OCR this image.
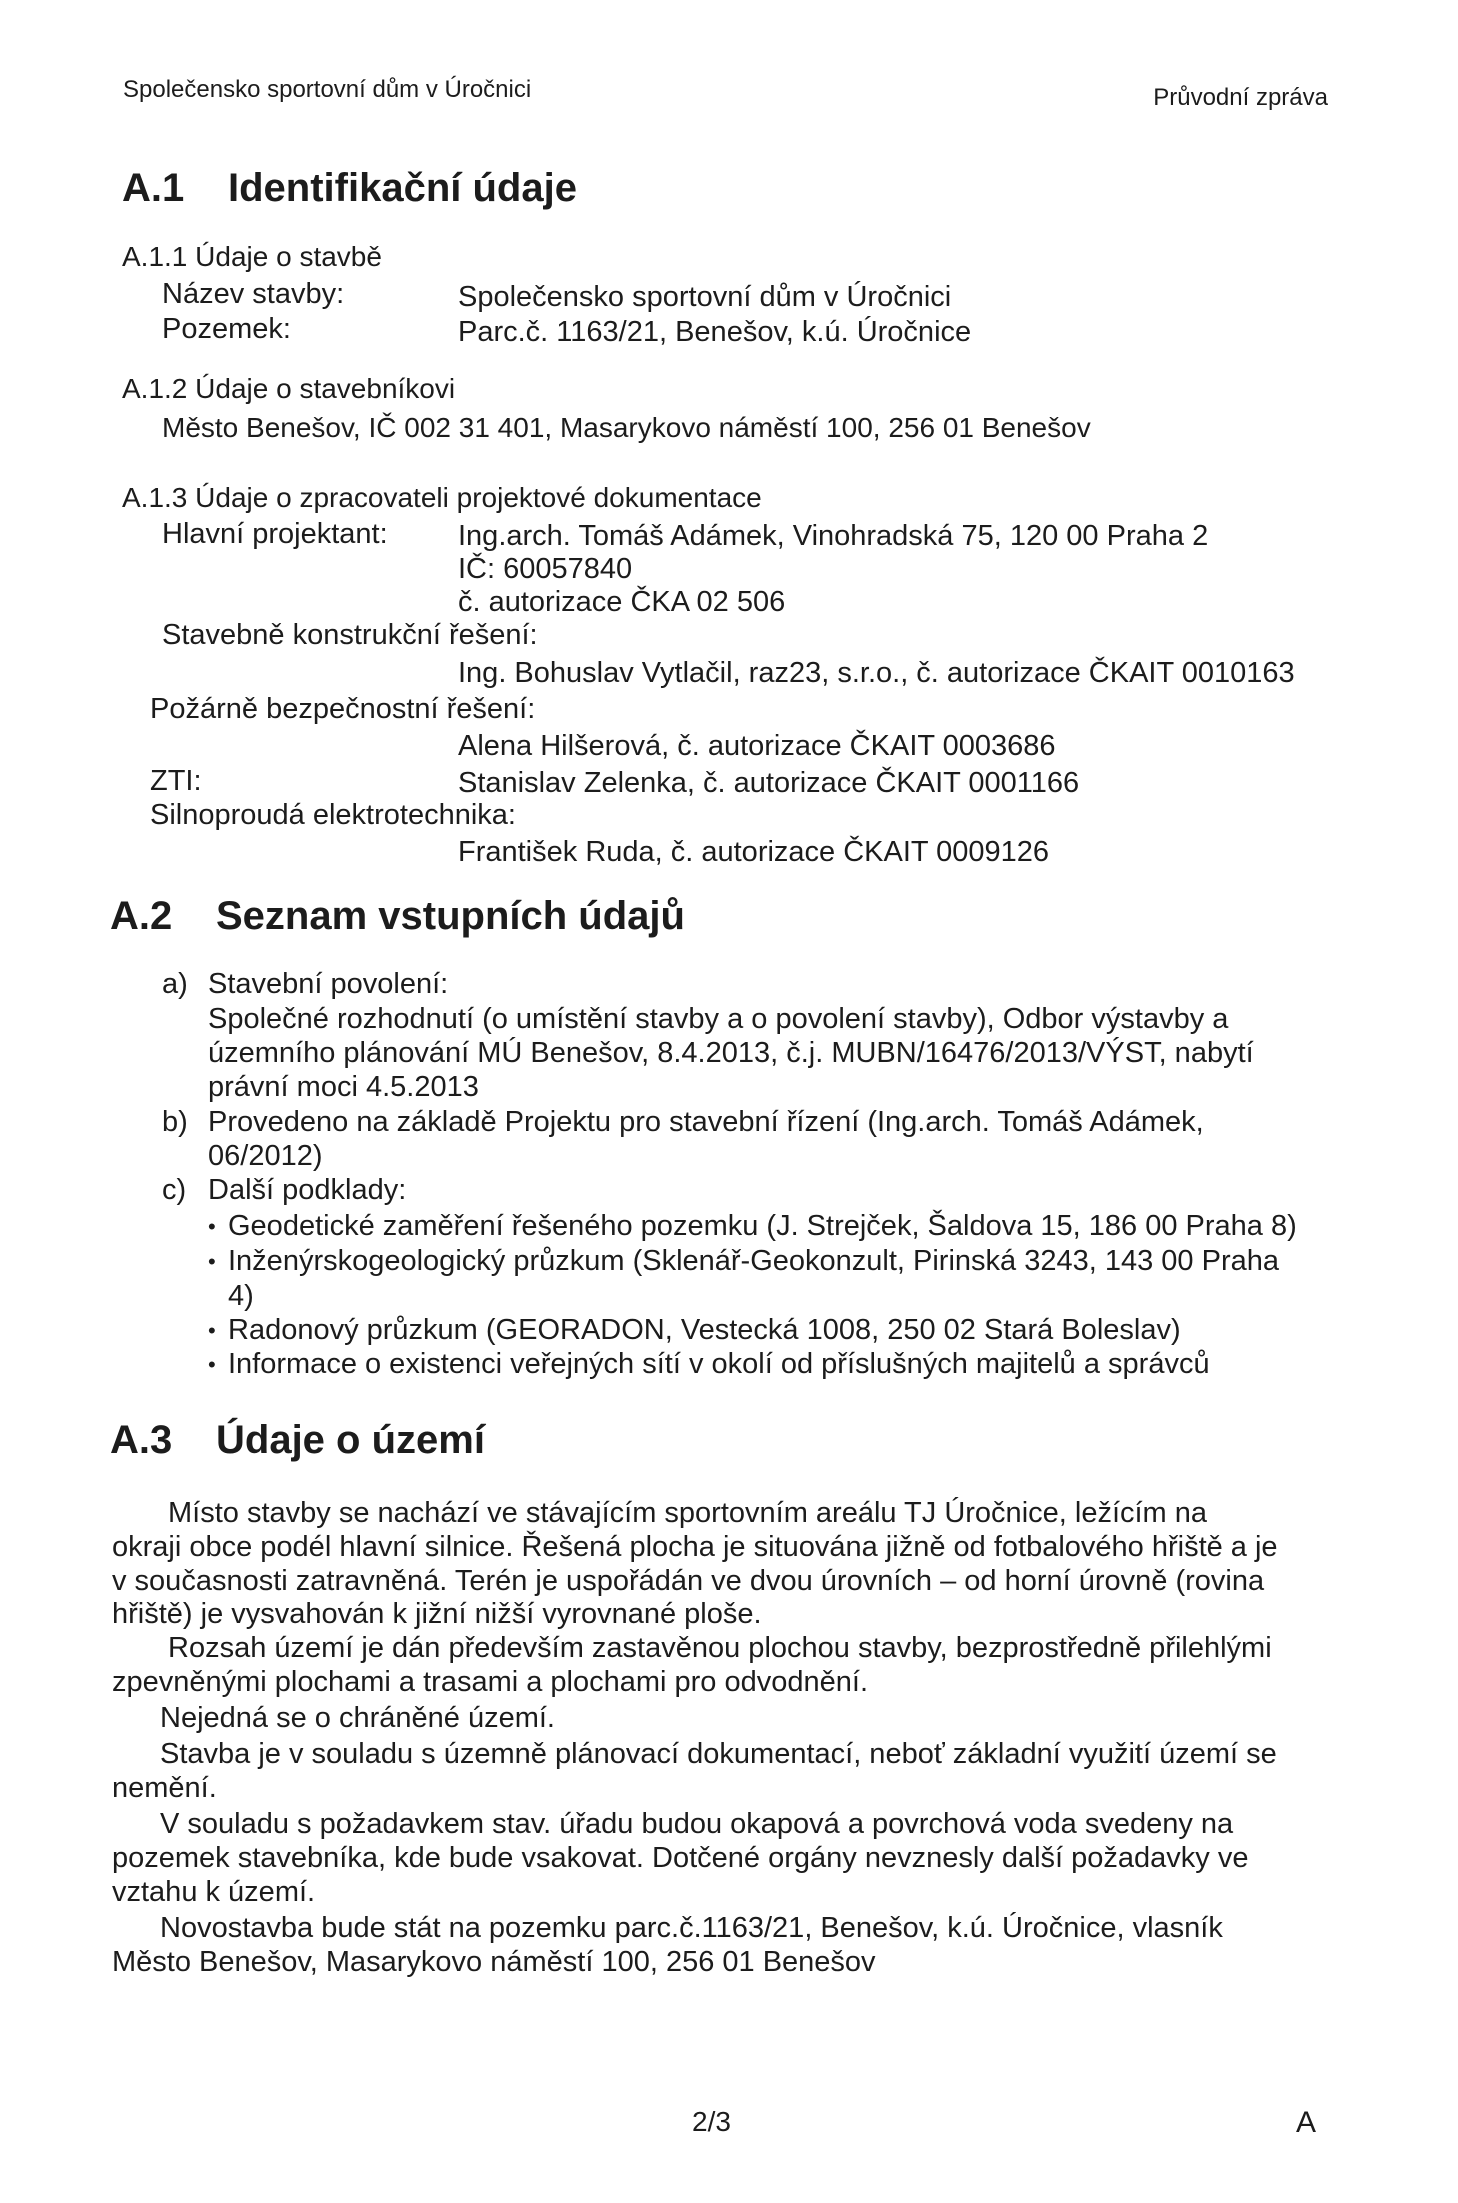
Společensko sportovní dům v Úročnici	Průvodní zpráva
A.1 Identifikační údaje
A.1.1 Údaje o stavbě
Název stavby:	Společensko sportovní dům v Úročnici
Pozemek:	Parc.č. 1163/21, Benešov, k.ú. Úročnice
A.1.2 Údaje o stavebníkovi
Město Benešov, IČ 002 31 401, Masarykovo náměstí 100, 256 01 Benešov
A.1.3 Údaje o zpracovateli projektové dokumentace
Hlavní projektant: Ing.arch. Tomáš Adámek, Vinohradská 75, 120 00 Praha 2
IČ: 60057840
č. autorizace ČKA 02 506
Stavebně konstrukční řešení:
Ing. Bohuslav Vytlačil, raz23, s.r.o., č. autorizace ČKAIT 0010163
Požárně bezpečnostní řešení:
Alena Hilšerová, č. autorizace ČKAIT 0003686
ZTI:	Stanislav Zelenka, č. autorizace ČKAIT 0001166
Silnoproudá elektrotechnika:
František Ruda, č. autorizace ČKAIT 0009126
A.2 Seznam vstupních údajů
a) Stavební povolení:
Společné rozhodnutí (o umístění stavby a o povolení stavby), Odbor výstavby a
územního plánování MÚ Benešov, 8.4.2013, č.j. MUBN/16476/2013/VÝST, nabytí
právní moci 4.5.2013
b) Provedeno na základě Projektu pro stavební řízení (Ing.arch. Tomáš Adámek,
06/2012)
c) Další podklady:
• Geodetické zaměření řešeného pozemku (J. Strejček, Šaldova 15, 186 00 Praha 8)
• Inženýrskogeologický průzkum (Sklenář-Geokonzult, Pirinská 3243, 143 00 Praha
4)
• Radonový průzkum (GEORADON, Vestecká 1008, 250 02 Stará Boleslav)
• Informace o existenci veřejných sítí v okolí od příslušných majitelů a správců
A.3 Údaje o území
Místo stavby se nachází ve stávajícím sportovním areálu TJ Úročnice, ležícím na
okraji obce podél hlavní silnice. Řešená plocha je situována jižně od fotbalového hřiště a je
v současnosti zatravněná. Terén je uspořádán ve dvou úrovních – od horní úrovně (rovina
hřiště) je vysvahován k jižní nižší vyrovnané ploše.
Rozsah území je dán především zastavěnou plochou stavby, bezprostředně přilehlými
zpevněnými plochami a trasami a plochami pro odvodnění.
Nejedná se o chráněné území.
Stavba je v souladu s územně plánovací dokumentací, neboť základní využití území se
nemění.
V souladu s požadavkem stav. úřadu budou okapová a povrchová voda svedeny na
pozemek stavebníka, kde bude vsakovat. Dotčené orgány nevznesly další požadavky ve
vztahu k území.
Novostavba bude stát na pozemku parc.č.1163/21, Benešov, k.ú. Úročnice, vlasník
Město Benešov, Masarykovo náměstí 100, 256 01 Benešov
2/3	A
